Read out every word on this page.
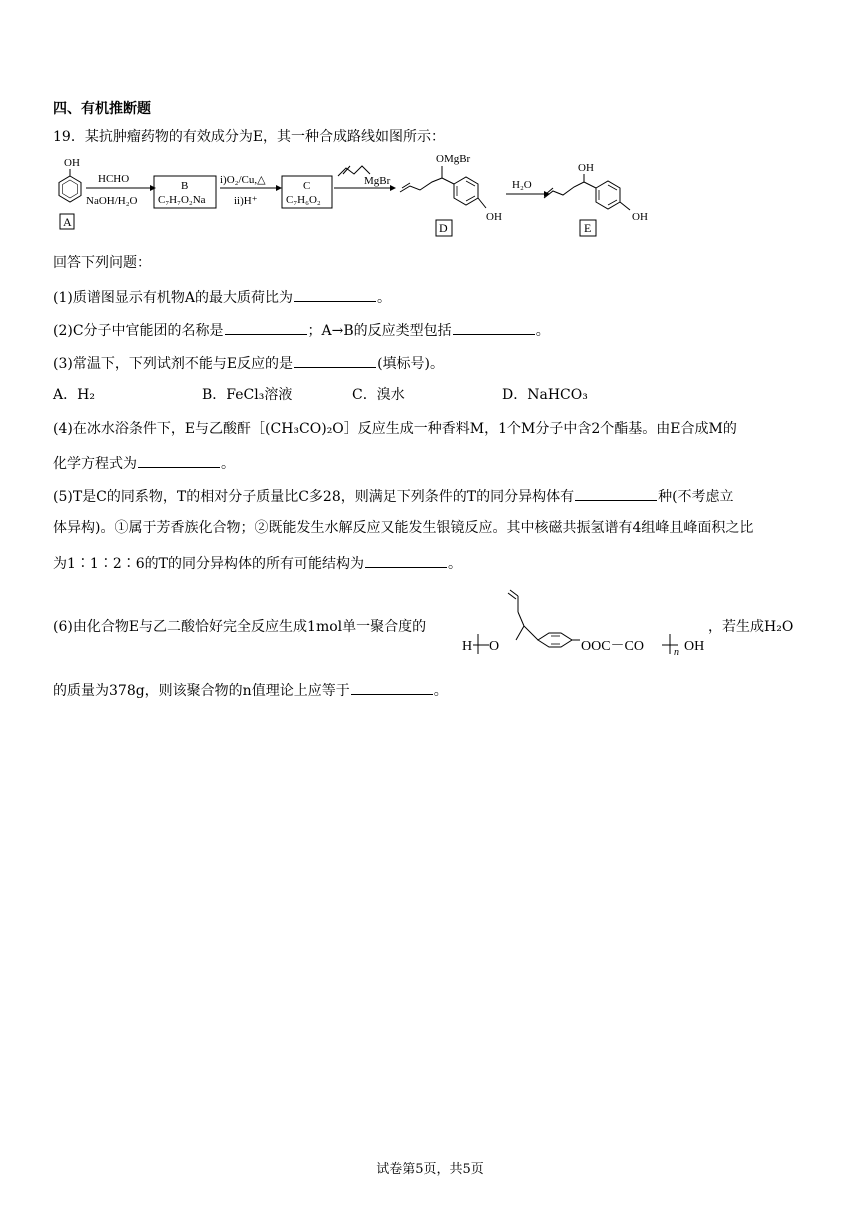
四、有机推断题
19．某抗肿瘤药物的有效成分为E，其一种合成路线如图所示：
OH
A
HCHO
NaOH/H₂O
B
C₇H₇O₂Na
i)O₂/Cu,△
ii)H⁺
C
C₇H₆O₂
MgBr
OMgBr
OH
D
H₂O
OH
OH
E
回答下列问题：
(1)质谱图显示有机物A的最大质荷比为	。
(2)C分子中官能团的名称是	；A→B的反应类型包括	。
(3)常温下，下列试剂不能与E反应的是	(填标号)。
A．H₂	B．FeCl₃溶液	C．溴水	D．NaHCO₃
(4)在冰水浴条件下，E与乙酸酐［(CH₃CO)₂O］反应生成一种香料M，1个M分子中含2个酯基。由E合成M的
化学方程式为	。
(5)T是C的同系物，T的相对分子质量比C多28，则满足下列条件的T的同分异构体有	种(不考虑立
体异构)。①属于芳香族化合物；②既能发生水解反应又能发生银镜反应。其中核磁共振氢谱有4组峰且峰面积之比
为1∶1∶2∶6的T的同分异构体的所有可能结构为	。
(6)由化合物E与乙二酸恰好完全反应生成1mol单一聚合度的
H O	OOC－CO	n OH
，若生成H₂O
的质量为378g，则该聚合物的n值理论上应等于	。
试卷第5页，共5页
